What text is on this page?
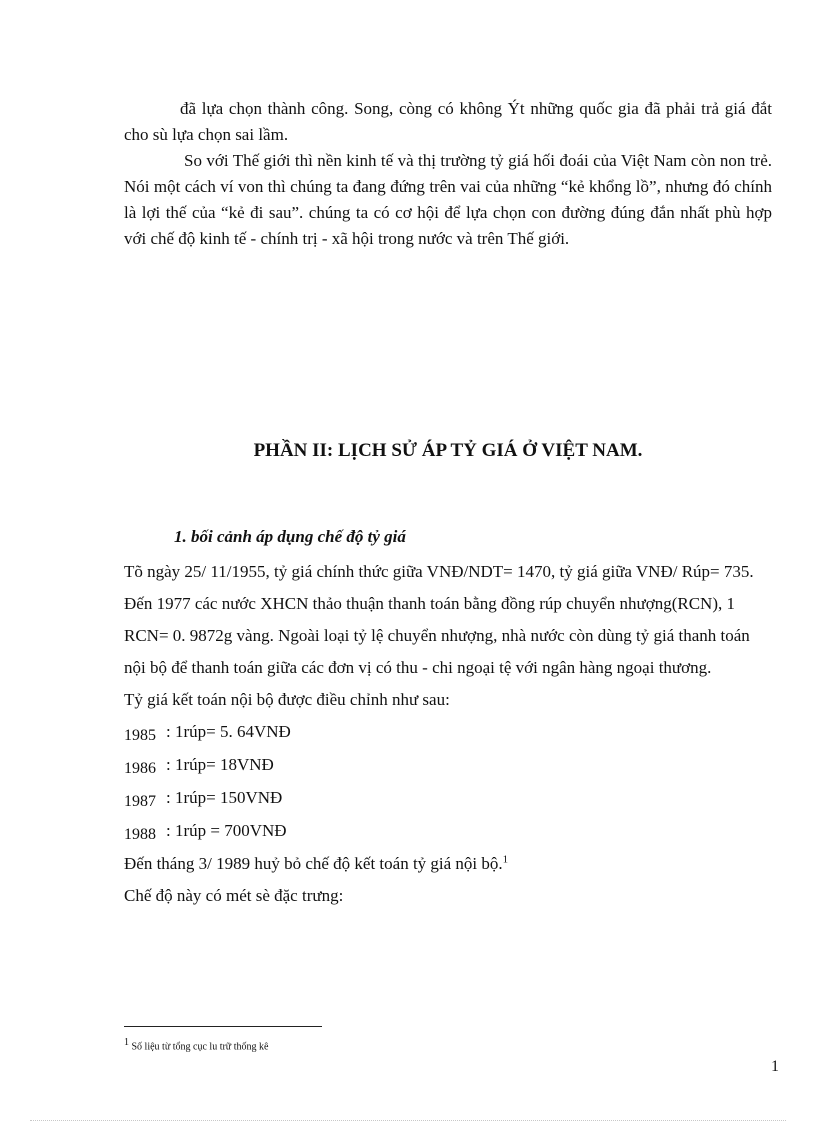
đã lựa chọn thành công. Song, còng có không Ýt những quốc gia đã phải trả giá đắt cho sù lựa chọn sai lầm.

So với Thế giới thì nền kinh tế và thị trường tỷ giá hối đoái của Việt Nam còn non trẻ. Nói một cách ví von thì chúng ta đang đứng trên vai của những “kẻ khổng lồ”, nhưng đó chính là lợi thế của “kẻ đi sau”. chúng ta có cơ hội để lựa chọn con đường đúng đắn nhất phù hợp với chế độ kinh tế - chính trị - xã hội trong nước và trên Thế giới.

PHẦN II: LỊCH SỬ ÁP TỶ GIÁ Ở VIỆT NAM.
1. bối cảnh áp dụng chế độ tỷ giá

Tõ ngày 25/ 11/1955, tỷ giá chính thức giữa VNĐ/NDT= 1470, tỷ giá giữa VNĐ/ Rúp= 735. Đến 1977 các nước XHCN thảo thuận thanh toán bằng đồng rúp chuyển nhượng(RCN), 1 RCN= 0. 9872g vàng. Ngoài loại tỷ lệ chuyển nhượng, nhà nước còn dùng tỷ giá thanh toán nội bộ để thanh toán giữa các đơn vị có thu - chi ngoại tệ với ngân hàng ngoại thương.

Tỷ giá kết toán nội bộ được điều chỉnh như sau:

1985 : 1rúp= 5. 64VNĐ

1986 : 1rúp= 18VNĐ

1987 : 1rúp= 150VNĐ

1988 : 1rúp = 700VNĐ

Đến tháng 3/ 1989 huỷ bỏ chế độ kết toán tỷ giá nội bộ.$^1$

Chế độ này có mét sè đặc trưng:

$^1$ Số liệu từ tổng cục lu trữ thống kê

1
